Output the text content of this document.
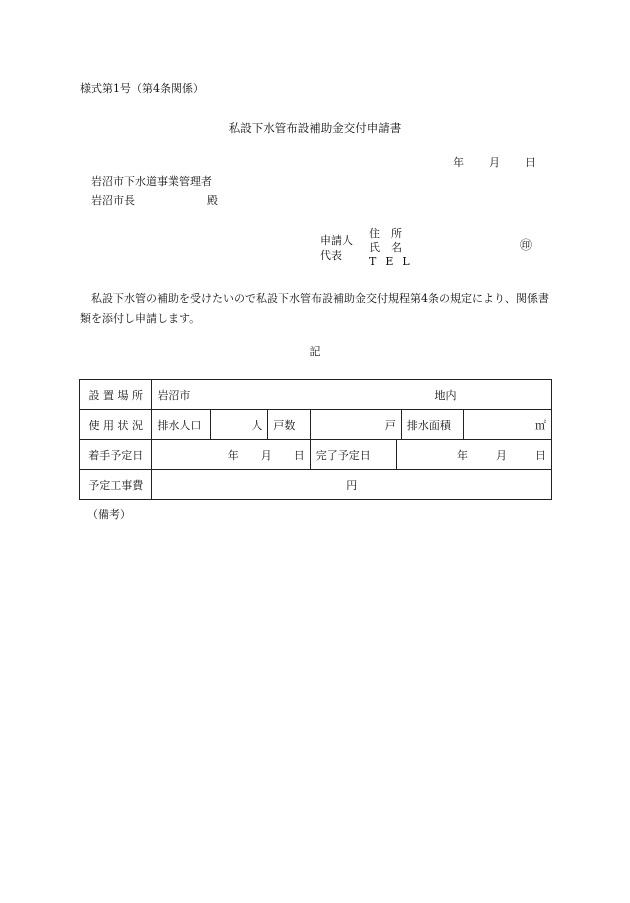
様式第1号（第4条関係）
私設下水管布設補助金交付申請書
年 月 日
岩沼市下水道事業管理者
岩沼市長	殿
申請人
代表
住　所
氏　名
T E L
㊞
　私設下水管の補助を受けたいので私設下水管布設補助金交付規程第4条の規定により、関係書類を添付し申請します。
記
設 置 場 所	岩沼市 地内						

使 用 状 況	排水人口	人	戸数	戸		排水面積	㎡
着手予定日	年 月 日			完了予定日	年 月 日		
予定工事費	円						
（備考）
